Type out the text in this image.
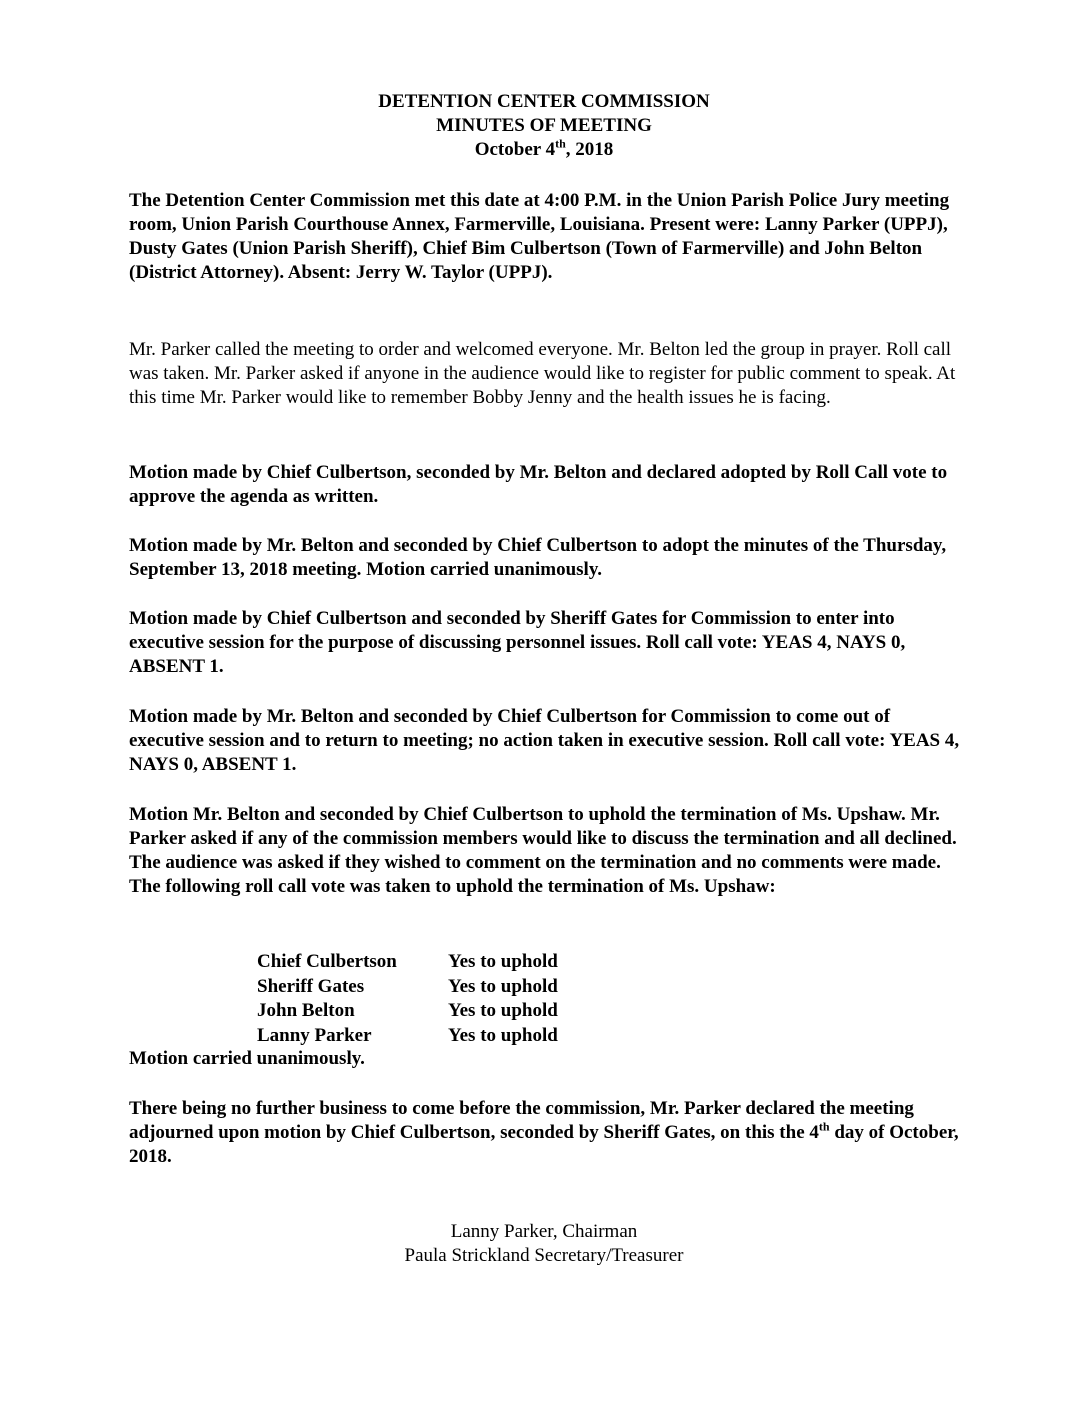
DETENTION CENTER COMMISSION
MINUTES OF MEETING
October 4th, 2018

The Detention Center Commission met this date at 4:00 P.M. in the Union Parish Police Jury meeting room, Union Parish Courthouse Annex, Farmerville, Louisiana. Present were: Lanny Parker (UPPJ), Dusty Gates (Union Parish Sheriff), Chief Bim Culbertson (Town of Farmerville) and John Belton (District Attorney). Absent: Jerry W. Taylor (UPPJ).

Mr. Parker called the meeting to order and welcomed everyone. Mr. Belton led the group in prayer. Roll call was taken. Mr. Parker asked if anyone in the audience would like to register for public comment to speak. At this time Mr. Parker would like to remember Bobby Jenny and the health issues he is facing.

Motion made by Chief Culbertson, seconded by Mr. Belton and declared adopted by Roll Call vote to approve the agenda as written.

Motion made by Mr. Belton and seconded by Chief Culbertson to adopt the minutes of the Thursday, September 13, 2018 meeting. Motion carried unanimously.

Motion made by Chief Culbertson and seconded by Sheriff Gates for Commission to enter into executive session for the purpose of discussing personnel issues. Roll call vote: YEAS 4, NAYS 0, ABSENT 1.

Motion made by Mr. Belton and seconded by Chief Culbertson for Commission to come out of executive session and to return to meeting; no action taken in executive session. Roll call vote: YEAS 4, NAYS 0, ABSENT 1.

Motion Mr. Belton and seconded by Chief Culbertson to uphold the termination of Ms. Upshaw. Mr. Parker asked if any of the commission members would like to discuss the termination and all declined. The audience was asked if they wished to comment on the termination and no comments were made. The following roll call vote was taken to uphold the termination of Ms. Upshaw:

Chief Culbertson	Yes to uphold
Sheriff Gates	Yes to uphold
John Belton	Yes to uphold
Lanny Parker	Yes to uphold
Motion carried unanimously.

There being no further business to come before the commission, Mr. Parker declared the meeting adjourned upon motion by Chief Culbertson, seconded by Sheriff Gates, on this the 4th day of October, 2018.

Lanny Parker, Chairman
Paula Strickland Secretary/Treasurer
